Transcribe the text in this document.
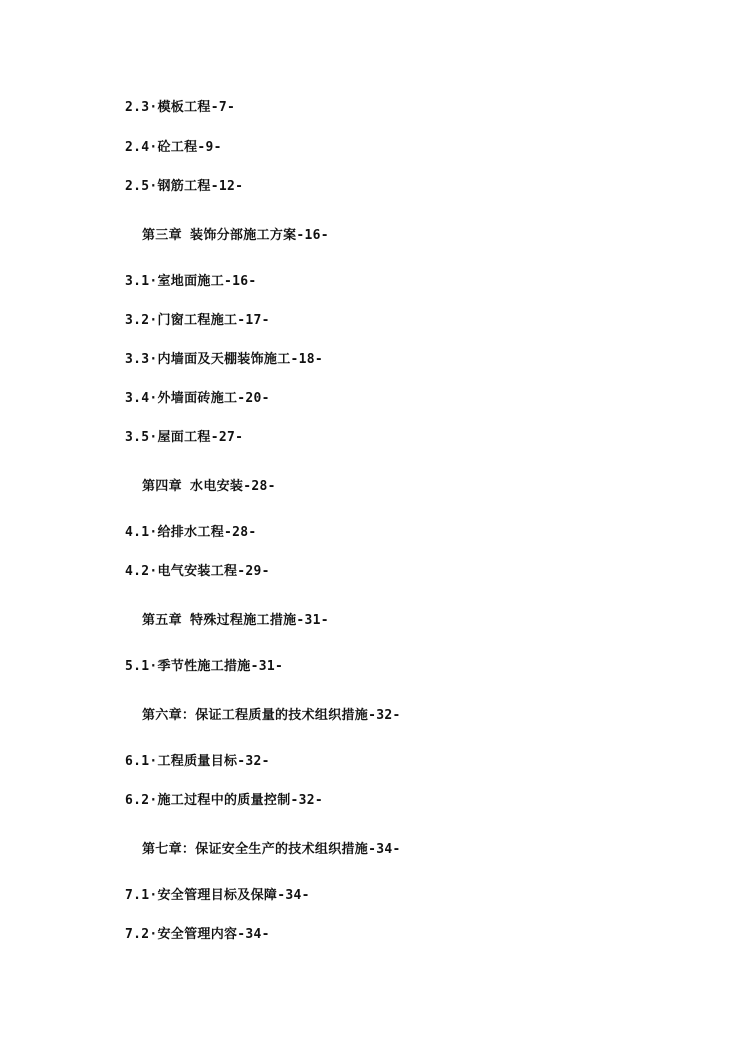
2.3·模板工程-7-
2.4·砼工程-9-
2.5·钢筋工程-12-
第三章 装饰分部施工方案-16-
3.1·室地面施工-16-
3.2·门窗工程施工-17-
3.3·内墙面及天棚装饰施工-18-
3.4·外墙面砖施工-20-
3.5·屋面工程-27-
第四章 水电安装-28-
4.1·给排水工程-28-
4.2·电气安装工程-29-
第五章 特殊过程施工措施-31-
5.1·季节性施工措施-31-
第六章：保证工程质量的技术组织措施-32-
6.1·工程质量目标-32-
6.2·施工过程中的质量控制-32-
第七章：保证安全生产的技术组织措施-34-
7.1·安全管理目标及保障-34-
7.2·安全管理内容-34-
